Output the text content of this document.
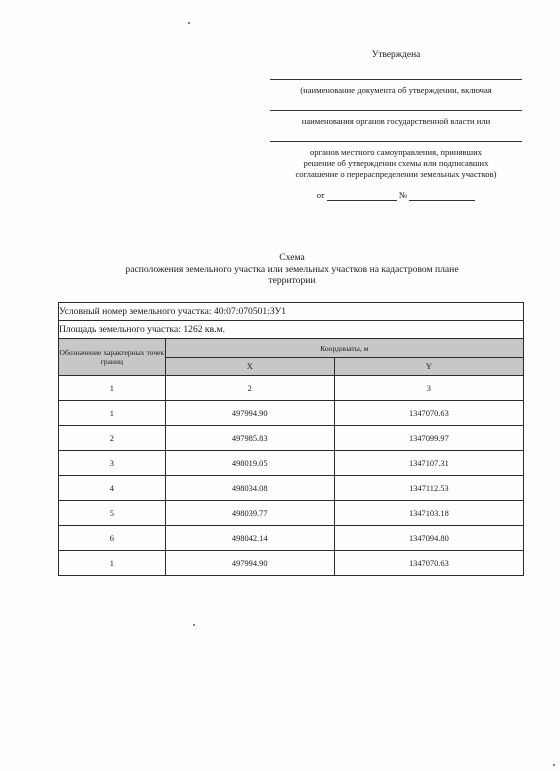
Утверждена
(наименование документа об утверждении, включая
наименования органов государственной власти или
органов местного самоуправления, принявших
решение об утверждении схемы или подписавших
соглашение о перераспределении земельных участков)
от	№
Схема
расположения земельного участка или земельных участков на кадастровом плане
территории
Условный номер земельного участка: 40:07:070501:ЗУ1		
Площадь земельного участка: 1262 кв.м.		
Обозначение характерных точек границ	Координаты, м	
	X	Y
1	2	3
1	497994.90	1347070.63
2	497985.83	1347099.97
3	498019.05	1347107.31
4	498034.08	1347112.53
5	498039.77	1347103.18
6	498042.14	1347094.80
1	497994.90	1347070.63
